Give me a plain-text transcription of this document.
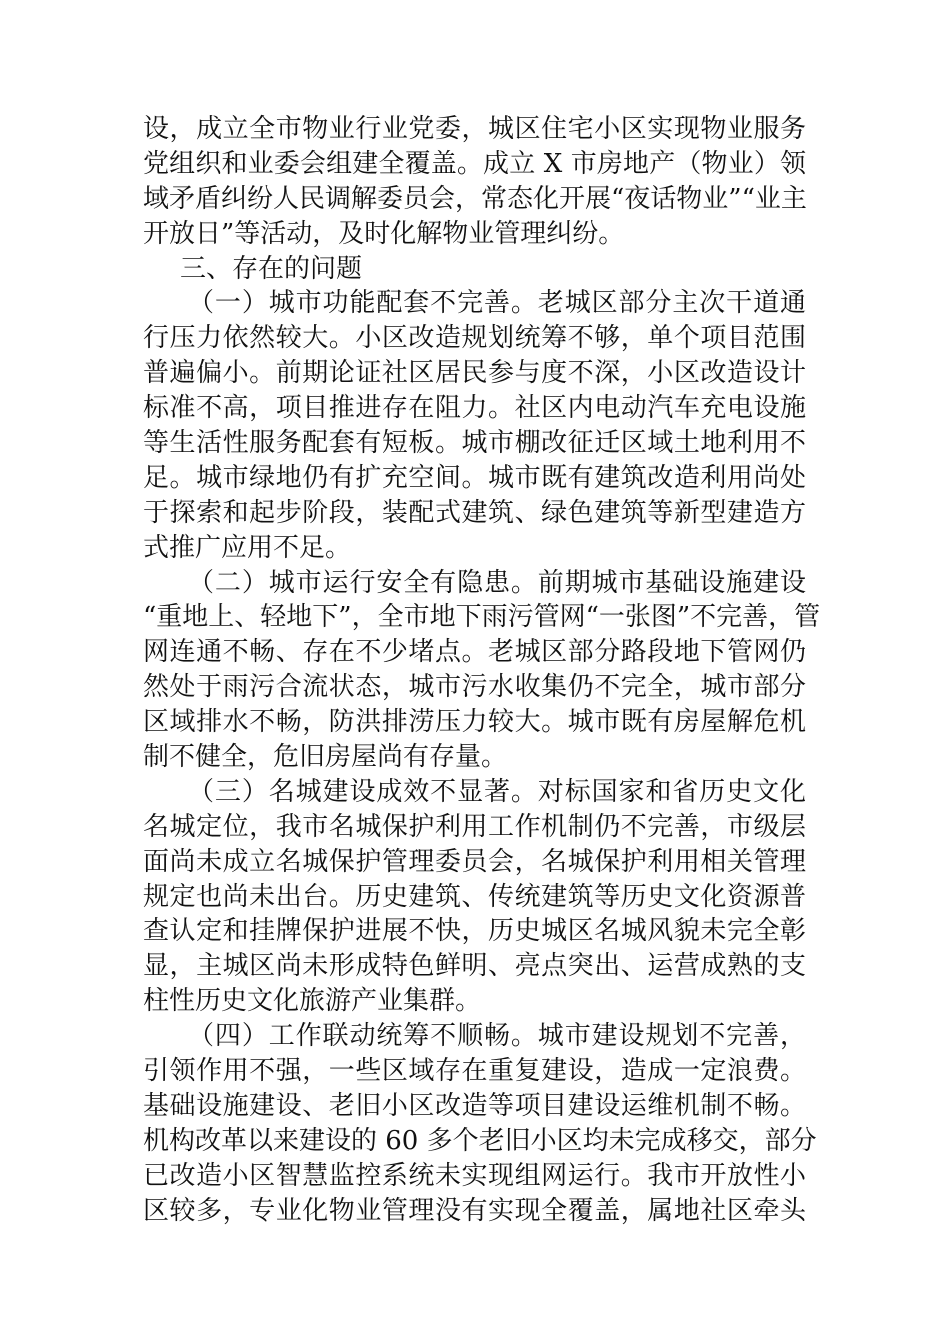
设，成立全市物业行业党委，城区住宅小区实现物业服务
党组织和业委会组建全覆盖。成立 X 市房地产（物业）领
域矛盾纠纷人民调解委员会，常态化开展“夜话物业”“业主
开放日”等活动，及时化解物业管理纠纷。
三、存在的问题
（一）城市功能配套不完善。老城区部分主次干道通
行压力依然较大。小区改造规划统筹不够，单个项目范围
普遍偏小。前期论证社区居民参与度不深，小区改造设计
标准不高，项目推进存在阻力。社区内电动汽车充电设施
等生活性服务配套有短板。城市棚改征迁区域土地利用不
足。城市绿地仍有扩充空间。城市既有建筑改造利用尚处
于探索和起步阶段，装配式建筑、绿色建筑等新型建造方
式推广应用不足。
（二）城市运行安全有隐患。前期城市基础设施建设
“重地上、轻地下”，全市地下雨污管网“一张图”不完善，管
网连通不畅、存在不少堵点。老城区部分路段地下管网仍
然处于雨污合流状态，城市污水收集仍不完全，城市部分
区域排水不畅，防洪排涝压力较大。城市既有房屋解危机
制不健全，危旧房屋尚有存量。
（三）名城建设成效不显著。对标国家和省历史文化
名城定位，我市名城保护利用工作机制仍不完善，市级层
面尚未成立名城保护管理委员会，名城保护利用相关管理
规定也尚未出台。历史建筑、传统建筑等历史文化资源普
查认定和挂牌保护进展不快，历史城区名城风貌未完全彰
显，主城区尚未形成特色鲜明、亮点突出、运营成熟的支
柱性历史文化旅游产业集群。
（四）工作联动统筹不顺畅。城市建设规划不完善，
引领作用不强，一些区域存在重复建设，造成一定浪费。
基础设施建设、老旧小区改造等项目建设运维机制不畅。
机构改革以来建设的 60 多个老旧小区均未完成移交，部分
已改造小区智慧监控系统未实现组网运行。我市开放性小
区较多，专业化物业管理没有实现全覆盖，属地社区牵头
